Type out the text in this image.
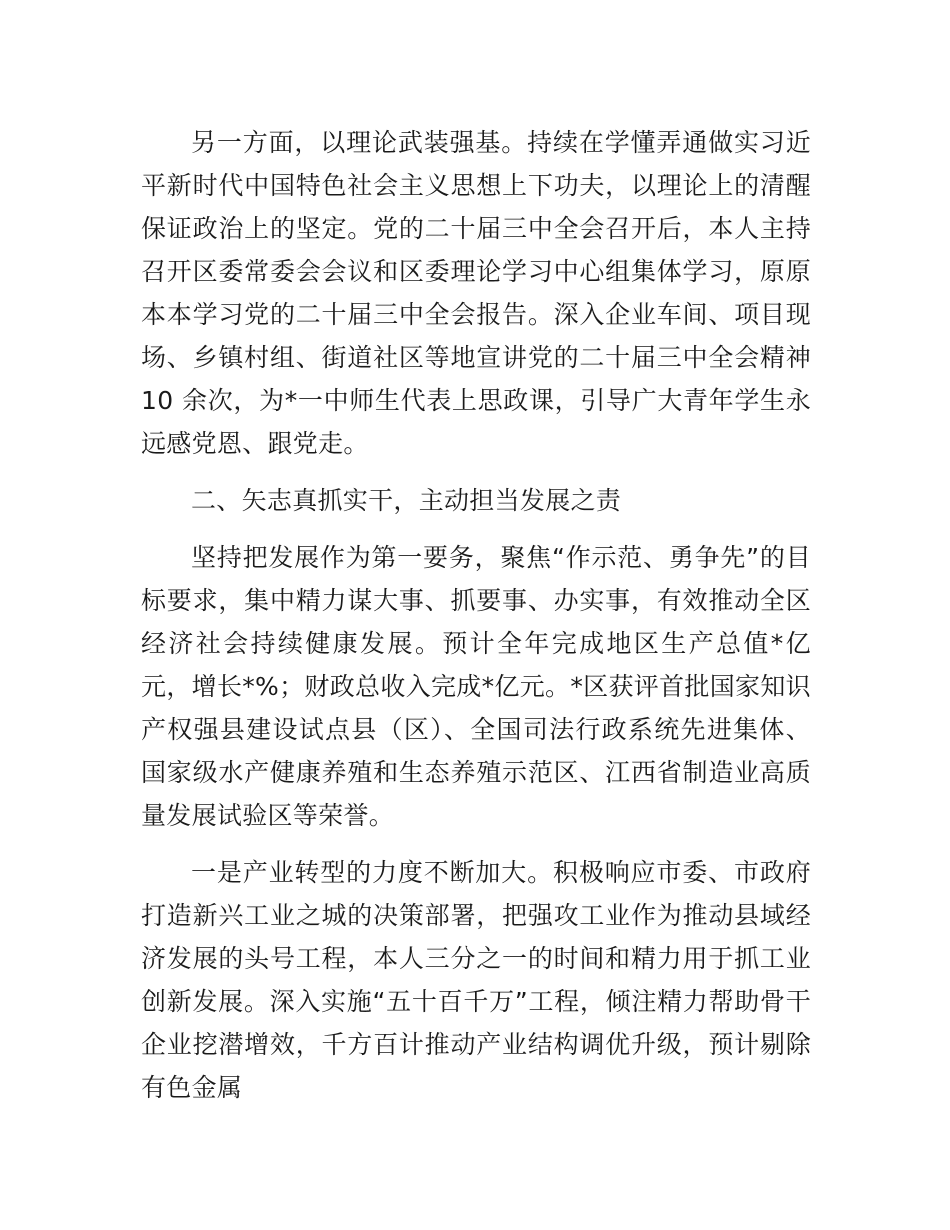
另一方面，以理论武装强基。持续在学懂弄通做实习近平新时代中国特色社会主义思想上下功夫，以理论上的清醒保证政治上的坚定。党的二十届三中全会召开后，本人主持召开区委常委会会议和区委理论学习中心组集体学习，原原本本学习党的二十届三中全会报告。深入企业车间、项目现场、乡镇村组、街道社区等地宣讲党的二十届三中全会精神 10 余次，为*一中师生代表上思政课，引导广大青年学生永远感党恩、跟党走。

二、矢志真抓实干，主动担当发展之责

坚持把发展作为第一要务，聚焦“作示范、勇争先”的目标要求，集中精力谋大事、抓要事、办实事，有效推动全区经济社会持续健康发展。预计全年完成地区生产总值*亿元，增长*%；财政总收入完成*亿元。*区获评首批国家知识产权强县建设试点县（区）、全国司法行政系统先进集体、国家级水产健康养殖和生态养殖示范区、江西省制造业高质量发展试验区等荣誉。

一是产业转型的力度不断加大。积极响应市委、市政府打造新兴工业之城的决策部署，把强攻工业作为推动县域经济发展的头号工程，本人三分之一的时间和精力用于抓工业创新发展。深入实施“五十百千万”工程，倾注精力帮助骨干企业挖潜增效，千方百计推动产业结构调优升级，预计剔除有色金属
